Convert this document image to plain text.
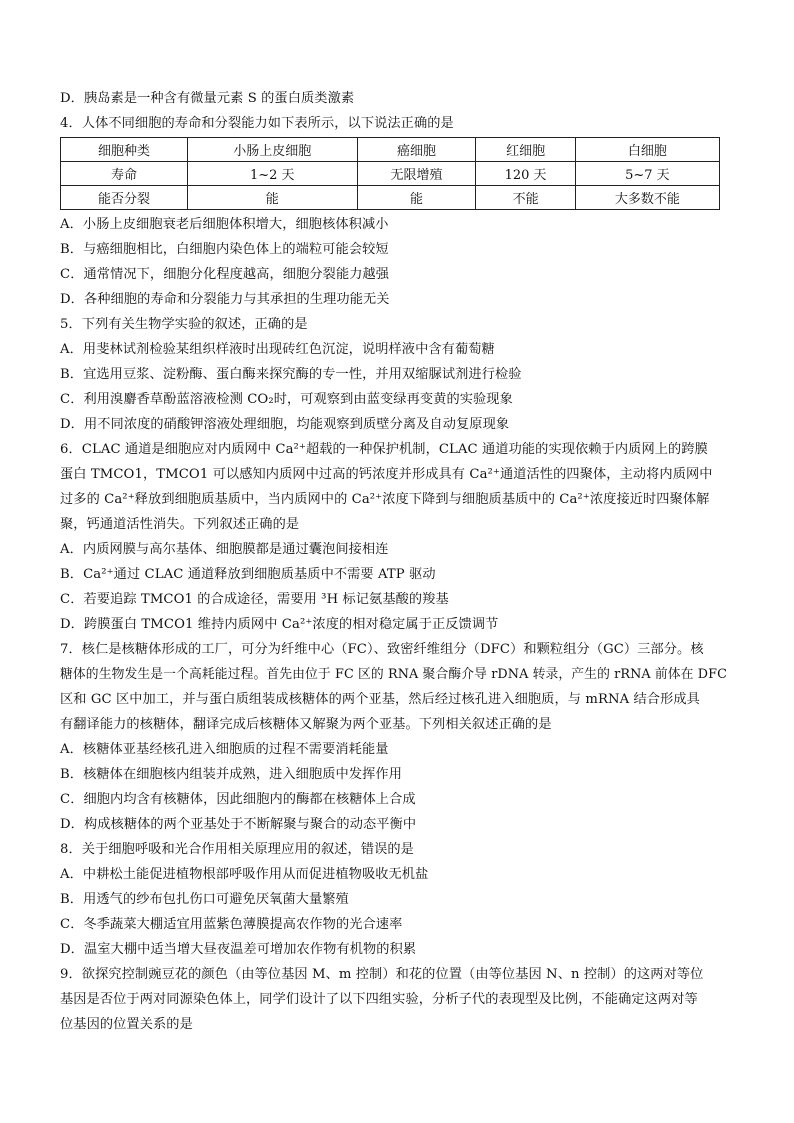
D．胰岛素是一种含有微量元素 S 的蛋白质类激素
4．人体不同细胞的寿命和分裂能力如下表所示，以下说法正确的是
细胞种类	小肠上皮细胞	癌细胞	红细胞	白细胞
寿命	1~2 天	无限增殖	120 天	5~7 天
能否分裂	能	能	不能	大多数不能
A．小肠上皮细胞衰老后细胞体积增大，细胞核体积减小
B．与癌细胞相比，白细胞内染色体上的端粒可能会较短
C．通常情况下，细胞分化程度越高，细胞分裂能力越强
D．各种细胞的寿命和分裂能力与其承担的生理功能无关
5．下列有关生物学实验的叙述，正确的是
A．用斐林试剂检验某组织样液时出现砖红色沉淀，说明样液中含有葡萄糖
B．宜选用豆浆、淀粉酶、蛋白酶来探究酶的专一性，并用双缩脲试剂进行检验
C．利用溴麝香草酚蓝溶液检测 CO₂时，可观察到由蓝变绿再变黄的实验现象
D．用不同浓度的硝酸钾溶液处理细胞，均能观察到质壁分离及自动复原现象
6．CLAC 通道是细胞应对内质网中 Ca²⁺超载的一种保护机制，CLAC 通道功能的实现依赖于内质网上的跨膜
蛋白 TMCO1，TMCO1 可以感知内质网中过高的钙浓度并形成具有 Ca²⁺通道活性的四聚体，主动将内质网中
过多的 Ca²⁺释放到细胞质基质中，当内质网中的 Ca²⁺浓度下降到与细胞质基质中的 Ca²⁺浓度接近时四聚体解
聚，钙通道活性消失。下列叙述正确的是
A．内质网膜与高尔基体、细胞膜都是通过囊泡间接相连
B．Ca²⁺通过 CLAC 通道释放到细胞质基质中不需要 ATP 驱动
C．若要追踪 TMCO1 的合成途径，需要用 ³H 标记氨基酸的羧基
D．跨膜蛋白 TMCO1 维持内质网中 Ca²⁺浓度的相对稳定属于正反馈调节
7．核仁是核糖体形成的工厂，可分为纤维中心（FC）、致密纤维组分（DFC）和颗粒组分（GC）三部分。核
糖体的生物发生是一个高耗能过程。首先由位于 FC 区的 RNA 聚合酶介导 rDNA 转录，产生的 rRNA 前体在 DFC
区和 GC 区中加工，并与蛋白质组装成核糖体的两个亚基，然后经过核孔进入细胞质，与 mRNA 结合形成具
有翻译能力的核糖体，翻译完成后核糖体又解聚为两个亚基。下列相关叙述正确的是
A．核糖体亚基经核孔进入细胞质的过程不需要消耗能量
B．核糖体在细胞核内组装并成熟，进入细胞质中发挥作用
C．细胞内均含有核糖体，因此细胞内的酶都在核糖体上合成
D．构成核糖体的两个亚基处于不断解聚与聚合的动态平衡中
8．关于细胞呼吸和光合作用相关原理应用的叙述，错误的是
A．中耕松土能促进植物根部呼吸作用从而促进植物吸收无机盐
B．用透气的纱布包扎伤口可避免厌氧菌大量繁殖
C．冬季蔬菜大棚适宜用蓝紫色薄膜提高农作物的光合速率
D．温室大棚中适当增大昼夜温差可增加农作物有机物的积累
9．欲探究控制豌豆花的颜色（由等位基因 M、m 控制）和花的位置（由等位基因 N、n 控制）的这两对等位
基因是否位于两对同源染色体上，同学们设计了以下四组实验，分析子代的表现型及比例，不能确定这两对等
位基因的位置关系的是
